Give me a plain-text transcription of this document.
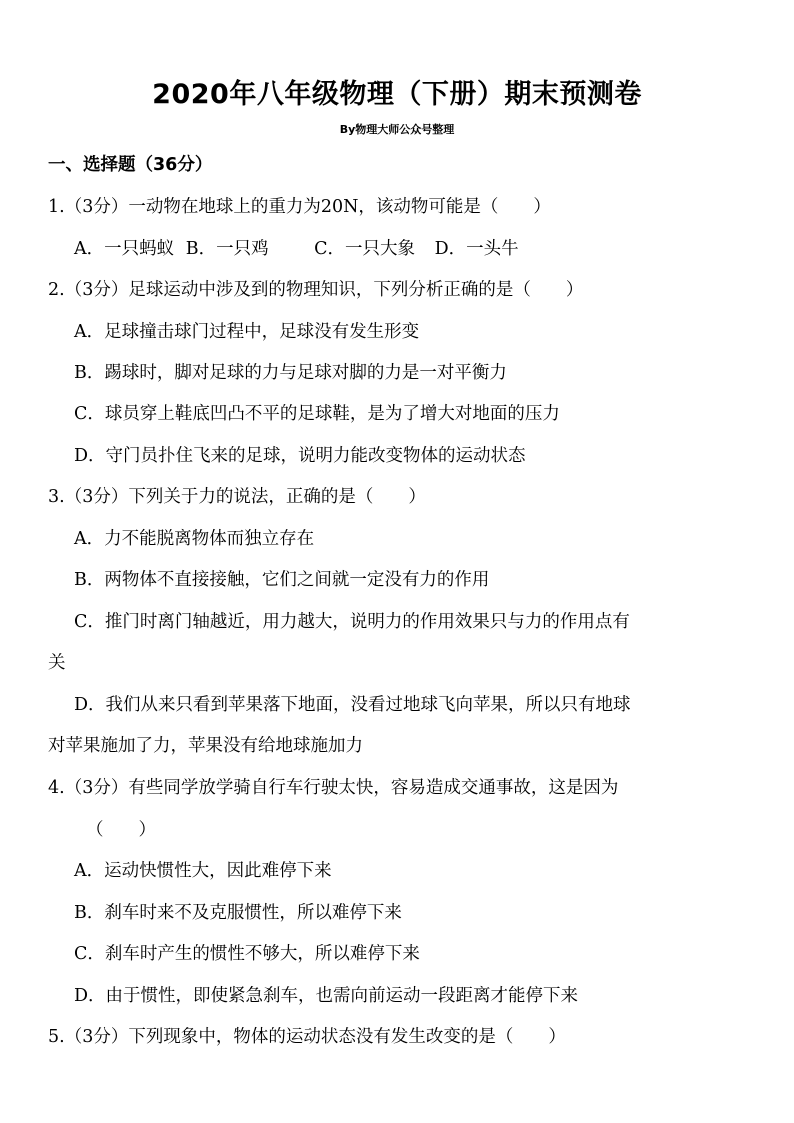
2020年八年级物理（下册）期末预测卷
By物理大师公众号整理
一、选择题（36分）
1.（3分）一动物在地球上的重力为20N，该动物可能是（　　）
A．一只蚂蚁 B．一只鸡	C．一只大象 D．一头牛
2.（3分）足球运动中涉及到的物理知识，下列分析正确的是（　　）
A．足球撞击球门过程中，足球没有发生形变
B．踢球时，脚对足球的力与足球对脚的力是一对平衡力
C．球员穿上鞋底凹凸不平的足球鞋，是为了增大对地面的压力
D．守门员扑住飞来的足球，说明力能改变物体的运动状态
3.（3分）下列关于力的说法，正确的是（　　）
A．力不能脱离物体而独立存在
B．两物体不直接接触，它们之间就一定没有力的作用
C．推门时离门轴越近，用力越大，说明力的作用效果只与力的作用点有
关
D．我们从来只看到苹果落下地面，没看过地球飞向苹果，所以只有地球
对苹果施加了力，苹果没有给地球施加力
4.（3分）有些同学放学骑自行车行驶太快，容易造成交通事故，这是因为
（　　）
A．运动快惯性大，因此难停下来
B．刹车时来不及克服惯性，所以难停下来
C．刹车时产生的惯性不够大，所以难停下来
D．由于惯性，即使紧急刹车，也需向前运动一段距离才能停下来
5.（3分）下列现象中，物体的运动状态没有发生改变的是（　　）
